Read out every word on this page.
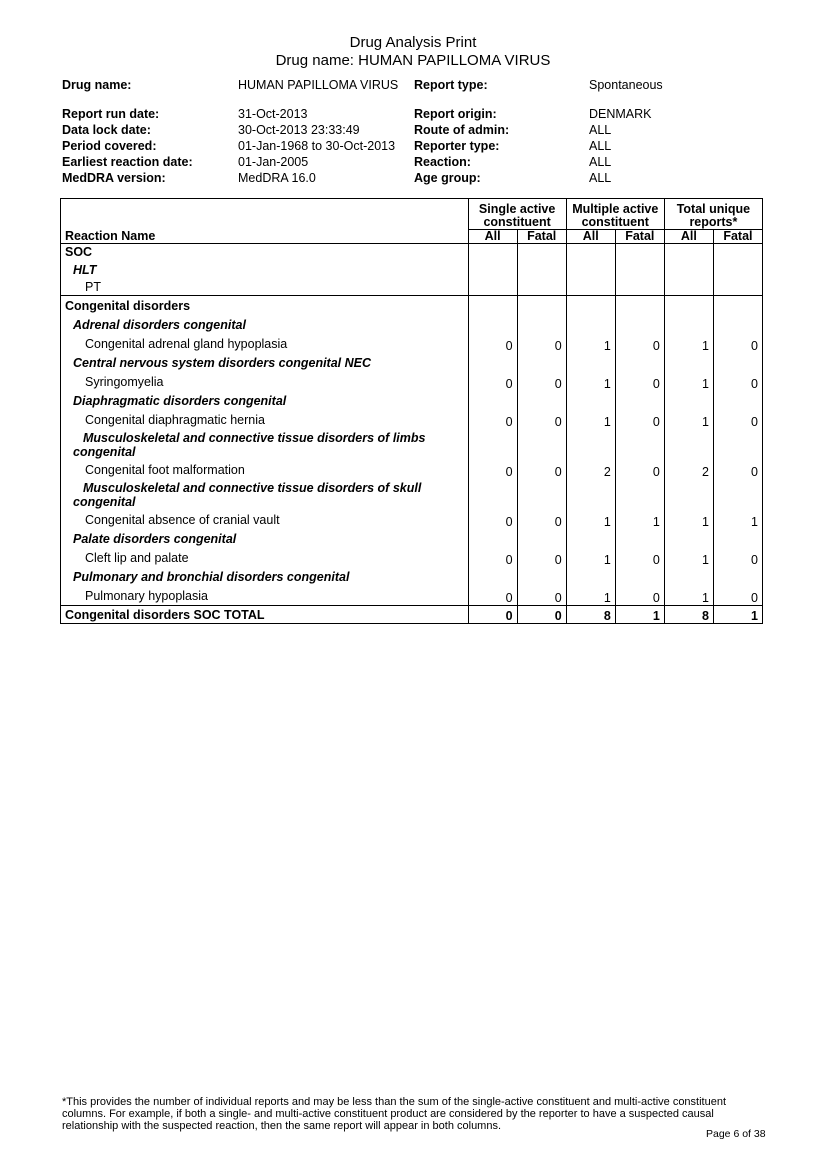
Drug Analysis Print
Drug name: HUMAN PAPILLOMA VIRUS
Drug name:	HUMAN PAPILLOMA VIRUS	Report type:	Spontaneous
Report run date:	31-Oct-2013	Report origin:	DENMARK
Data lock date:	30-Oct-2013 23:33:49	Route of admin:	ALL
Period covered:	01-Jan-1968 to 30-Oct-2013 Reporter type:	ALL
Earliest reaction date:	01-Jan-2005	Reaction:	ALL
MedDRA version:	MedDRA 16.0	Age group:	ALL
Reaction Name	Single active constituent		Multiple active constituent		Total unique reports*	
	All	Fatal	All	Fatal	All	Fatal
SOC						
HLT						
PT						
Congenital disorders						
Adrenal disorders congenital						
Congenital adrenal gland hypoplasia	0	0	1	0	1	0
Central nervous system disorders congenital NEC						
Syringomyelia	0	0	1	0	1	0
Diaphragmatic disorders congenital						
Congenital diaphragmatic hernia	0	0	1	0	1	0
Musculoskeletal and connective tissue disorders of limbs congenital						
Congenital foot malformation	0	0	2	0	2	0
Musculoskeletal and connective tissue disorders of skull congenital						
Congenital absence of cranial vault	0	0	1	1	1	1
Palate disorders congenital						
Cleft lip and palate	0	0	1	0	1	0
Pulmonary and bronchial disorders congenital						
Pulmonary hypoplasia	0	0	1	0	1	0
Congenital disorders SOC TOTAL	0	0	8	1	8	1
*This provides the number of individual reports and may be less than the sum of the single-active constituent and multi-active constituent columns. For example, if both a single- and multi-active constituent product are considered by the reporter to have a suspected causal relationship with the suspected reaction, then the same report will appear in both columns.
Page 6 of 38
